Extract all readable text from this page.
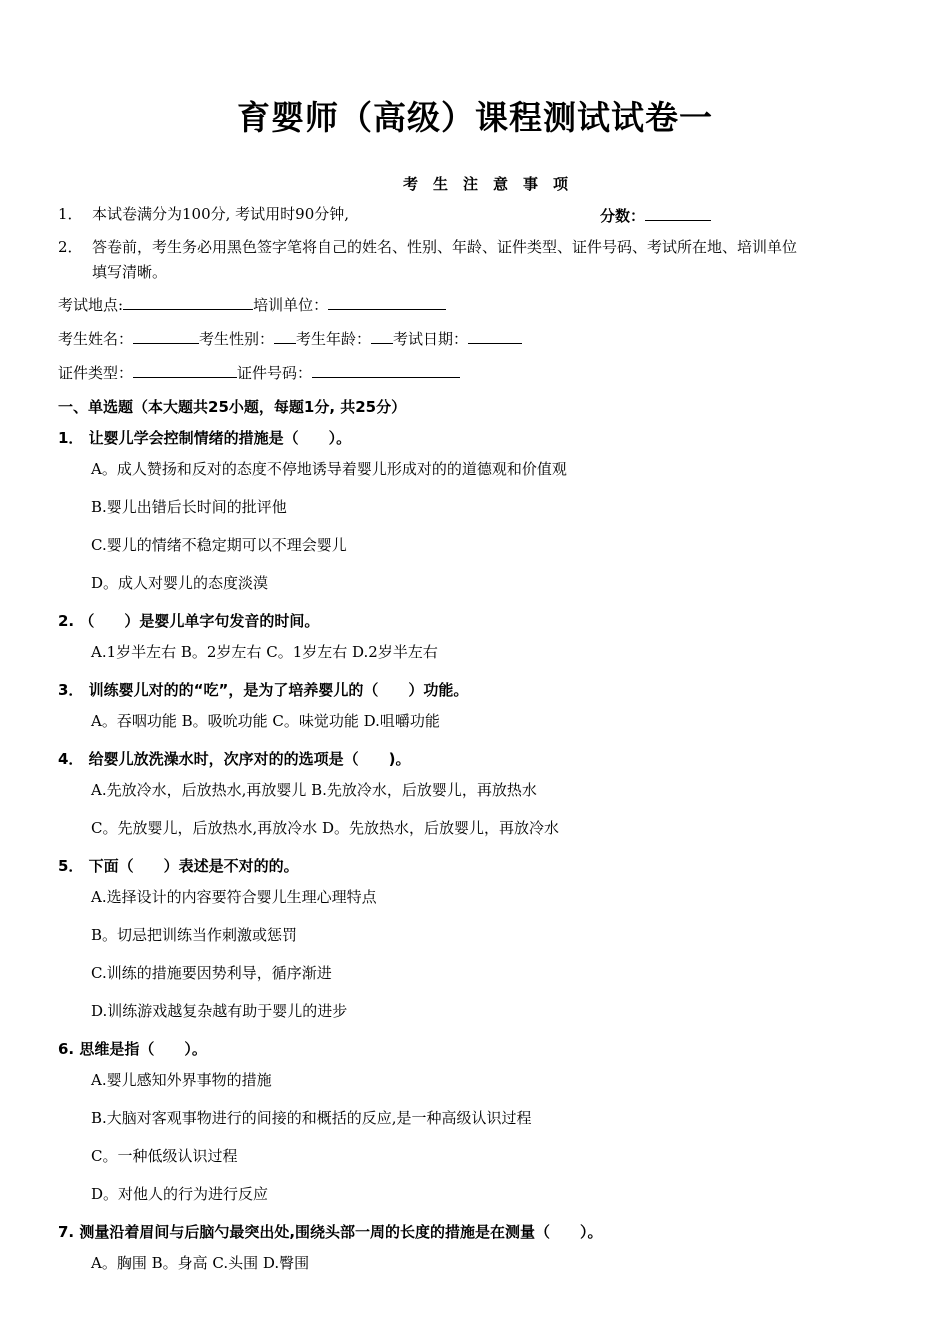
育婴师（高级）课程测试试卷一
考生注意事项
1． 本试卷满分为100分, 考试用时90分钟,	分数：
2． 答卷前，考生务必用黑色签字笔将自己的姓名、性别、年龄、证件类型、证件号码、考试所在地、培训单位
填写清晰。
考试地点:	培训单位：
考生姓名：	考生性别： 考生年龄： 考试日期：
证件类型：	证件号码：
一、单选题（本大题共25小题，每题1分, 共25分）
1． 让婴儿学会控制情绪的措施是（　　）。
A。成人赞扬和反对的态度不停地诱导着婴儿形成对的的道德观和价值观
B.婴儿出错后长时间的批评他
C.婴儿的情绪不稳定期可以不理会婴儿
D。成人对婴儿的态度淡漠
2. （　　）是婴儿单字句发音的时间。
A.1岁半左右 B。2岁左右 C。1岁左右 D.2岁半左右
3． 训练婴儿对的的“吃”，是为了培养婴儿的（　　）功能。
A。吞咽功能 B。吸吮功能 C。味觉功能 D.咀嚼功能
4． 给婴儿放洗澡水时，次序对的的选项是（　　)。
A.先放冷水，后放热水,再放婴儿 B.先放冷水，后放婴儿，再放热水
C。先放婴儿，后放热水,再放冷水 D。先放热水，后放婴儿，再放冷水
5． 下面（　　）表述是不对的的。
A.选择设计的内容要符合婴儿生理心理特点
B。切忌把训练当作刺激或惩罚
C.训练的措施要因势利导，循序渐进
D.训练游戏越复杂越有助于婴儿的进步
6. 思维是指（　　）。
A.婴儿感知外界事物的措施
B.大脑对客观事物进行的间接的和概括的反应,是一种高级认识过程
C。一种低级认识过程
D。对他人的行为进行反应
7. 测量沿着眉间与后脑勺最突出处,围绕头部一周的长度的措施是在测量（　　）。
A。胸围 B。身高 C.头围 D.臀围
